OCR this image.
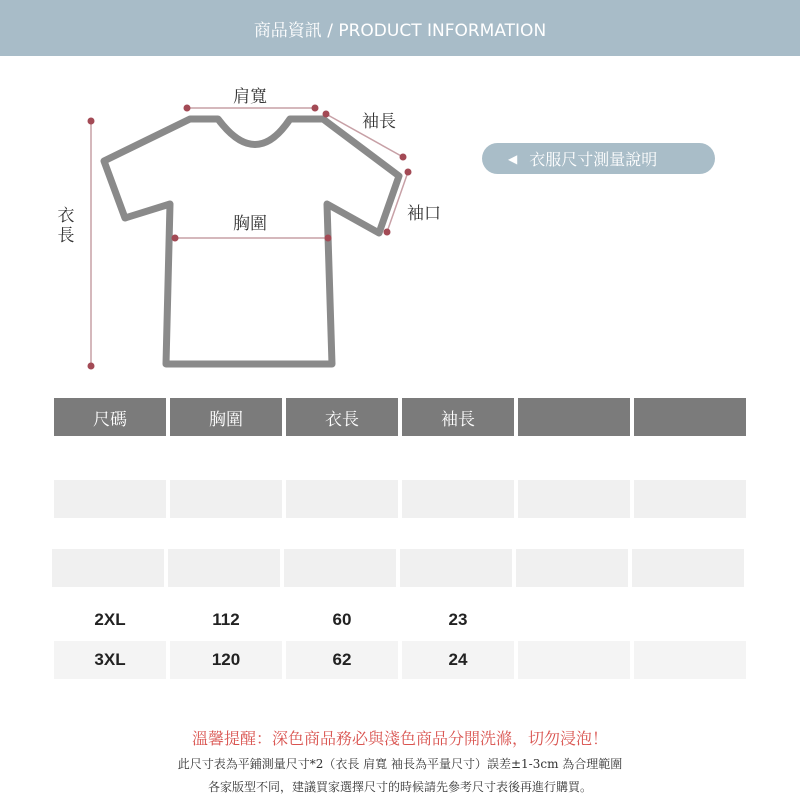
商品資訊 / PRODUCT INFORMATION
肩寬
袖長
袖口
胸圍
衣長
◀ 衣服尺寸測量說明
尺碼	胸圍	衣長	袖長
2XL	112	60	23
3XL	120	62	24
溫馨提醒：深色商品務必與淺色商品分開洗滌，切勿浸泡！
此尺寸表為平鋪測量尺寸*2（衣長 肩寬 袖長為平量尺寸）誤差±1-3cm 為合理範圍
各家版型不同，建議買家選擇尺寸的時候請先參考尺寸表後再進行購買。
